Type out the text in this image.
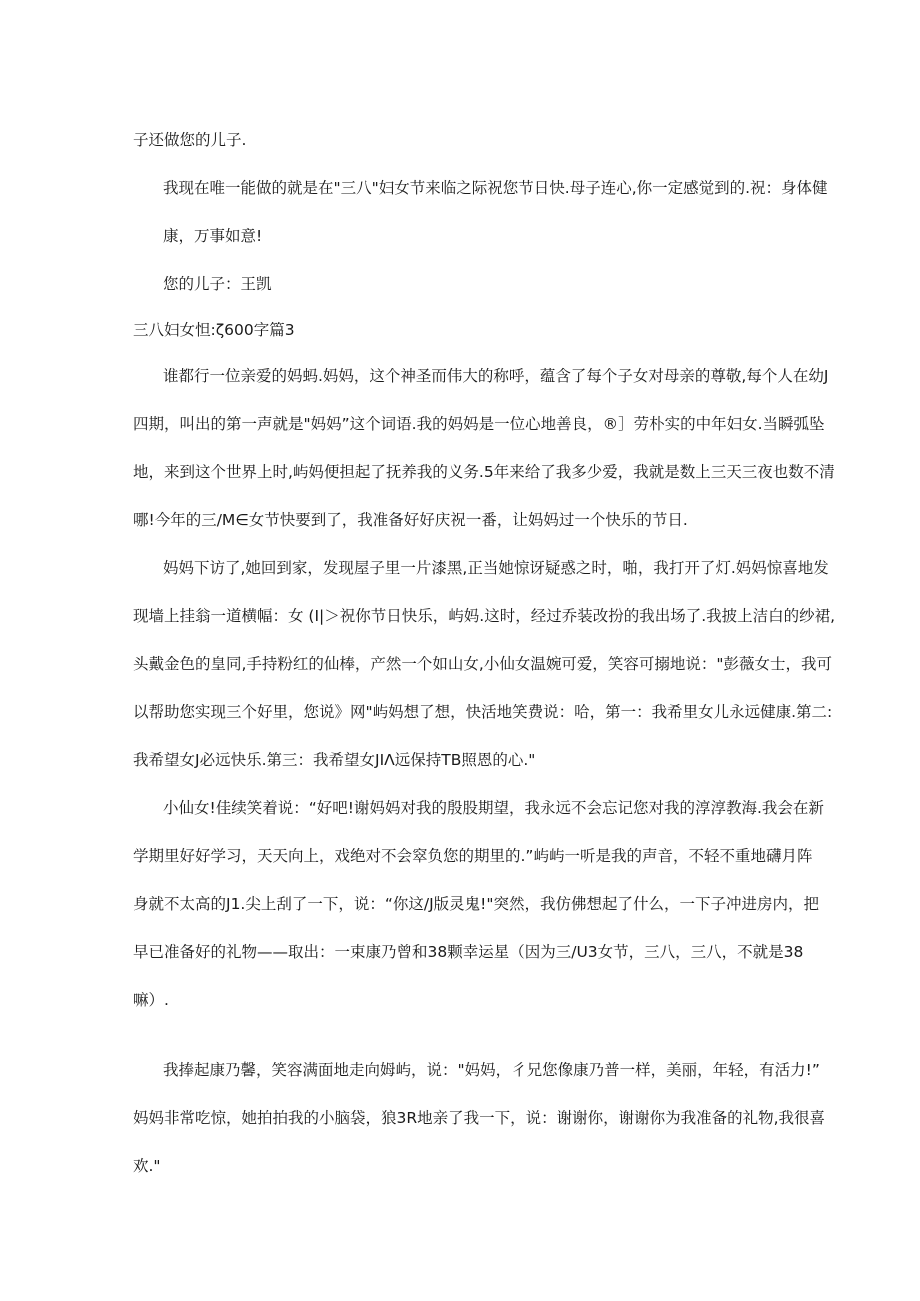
子还做您的儿子.
我现在唯一能做的就是在"三八"妇女节来临之际祝您节日快.母子连心,你一定感觉到的.祝：身体健
康，万事如意!
您的儿子：王凯
三八妇女怛:ζ600字篇3
谁都行一位亲爱的妈蚂.妈妈，这个神圣而伟大的称呼，蕴含了每个子女对母亲的尊敬,每个人在幼J
四期，叫出的第一声就是"妈妈”这个词语.我的妈妈是一位心地善良，®］劳朴实的中年妇女.当瞬弧坠
地，来到这个世界上时,屿妈便担起了抚养我的义务.5年来给了我多少爱，我就是数上三天三夜也数不清
哪!今年的三/M∈女节快要到了，我准备好好庆祝一番，让妈妈过一个快乐的节日.
妈妈下访了,她回到家，发现屋子里一片漆黑,正当她惊讶疑惑之时，啪，我打开了灯.妈妈惊喜地发
现墙上挂翁一道横幅：女 (Ι|＞祝你节日快乐，屿妈.这时，经过乔装改扮的我出场了.我披上洁白的纱裙,
头戴金色的皇同,手持粉红的仙棒，产然一个如山女,小仙女温婉可爱，笑容可搦地说："彭薇女士，我可
以帮助您实现三个好里，您说》网"屿妈想了想，快活地笑费说：哈，第一：我希里女儿永远健康.第二:
我希望女J必远快乐.第三：我希望女JΙΛ远保持TB照恩的心."
小仙女!佳续笑着说：“好吧!谢妈妈对我的殷股期望，我永远不会忘记您对我的淳淳教海.我会在新
学期里好好学习，天天向上，戏绝对不会窣负您的期里的.”屿屿一听是我的声音，不轻不重地礴月阵
身就不太高的J1.尖上刮了一下，说：“你这/J版灵鬼!"突然，我仿佛想起了什么，一下子冲进房内，把
早已准备好的礼物——取出：一束康乃曾和38颗幸运星（因为三/U3女节，三八，三八，不就是38
嘛）.
我捧起康乃馨，笑容满面地走向姆屿，说："妈妈，彳兄您像康乃普一样，美丽，年轻，有活力!”
妈妈非常吃惊，她拍拍我的小脑袋，狼3R地亲了我一下，说：谢谢你，谢谢你为我准备的礼物,我很喜
欢."
